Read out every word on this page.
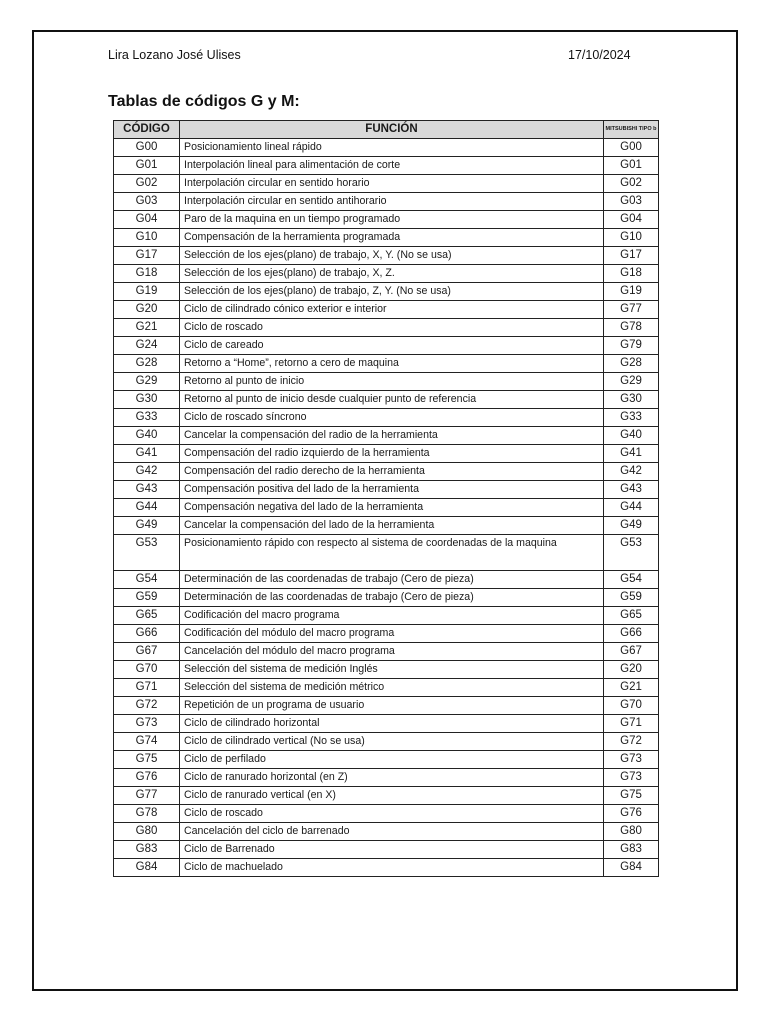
Lira Lozano José Ulises	17/10/2024
Tablas de códigos G y M:
CÓDIGO	FUNCIÓN	MITSUBISHI TIPO b
G00	Posicionamiento lineal rápido	G00
G01	Interpolación lineal para alimentación de corte	G01
G02	Interpolación circular en sentido horario	G02
G03	Interpolación circular en sentido antihorario	G03
G04	Paro de la maquina en un tiempo programado	G04
G10	Compensación de la herramienta programada	G10
G17	Selección de los ejes(plano) de trabajo, X, Y. (No se usa)	G17
G18	Selección de los ejes(plano) de trabajo, X, Z.	G18
G19	Selección de los ejes(plano) de trabajo, Z, Y. (No se usa)	G19
G20	Ciclo de cilindrado cónico exterior e interior	G77
G21	Ciclo de roscado	G78
G24	Ciclo de careado	G79
G28	Retorno a “Home”, retorno a cero de maquina	G28
G29	Retorno al punto de inicio	G29
G30	Retorno al punto de inicio desde cualquier punto de referencia	G30
G33	Ciclo de roscado síncrono	G33
G40	Cancelar la compensación del radio de la herramienta	G40
G41	Compensación del radio izquierdo de la herramienta	G41
G42	Compensación del radio derecho de la herramienta	G42
G43	Compensación positiva del lado de la herramienta	G43
G44	Compensación negativa del lado de la herramienta	G44
G49	Cancelar la compensación del lado de la herramienta	G49
G53	Posicionamiento rápido con respecto al sistema de coordenadas de la maquina	G53
G54	Determinación de las coordenadas de trabajo (Cero de pieza)	G54
G59	Determinación de las coordenadas de trabajo (Cero de pieza)	G59
G65	Codificación del macro programa	G65
G66	Codificación del módulo del macro programa	G66
G67	Cancelación del módulo del macro programa	G67
G70	Selección del sistema de medición Inglés	G20
G71	Selección del sistema de medición métrico	G21
G72	Repetición de un programa de usuario	G70
G73	Ciclo de cilindrado horizontal	G71
G74	Ciclo de cilindrado vertical (No se usa)	G72
G75	Ciclo de perfilado	G73
G76	Ciclo de ranurado horizontal (en Z)	G73
G77	Ciclo de ranurado vertical (en X)	G75
G78	Ciclo de roscado	G76
G80	Cancelación del ciclo de barrenado	G80
G83	Ciclo de Barrenado	G83
G84	Ciclo de machuelado	G84
